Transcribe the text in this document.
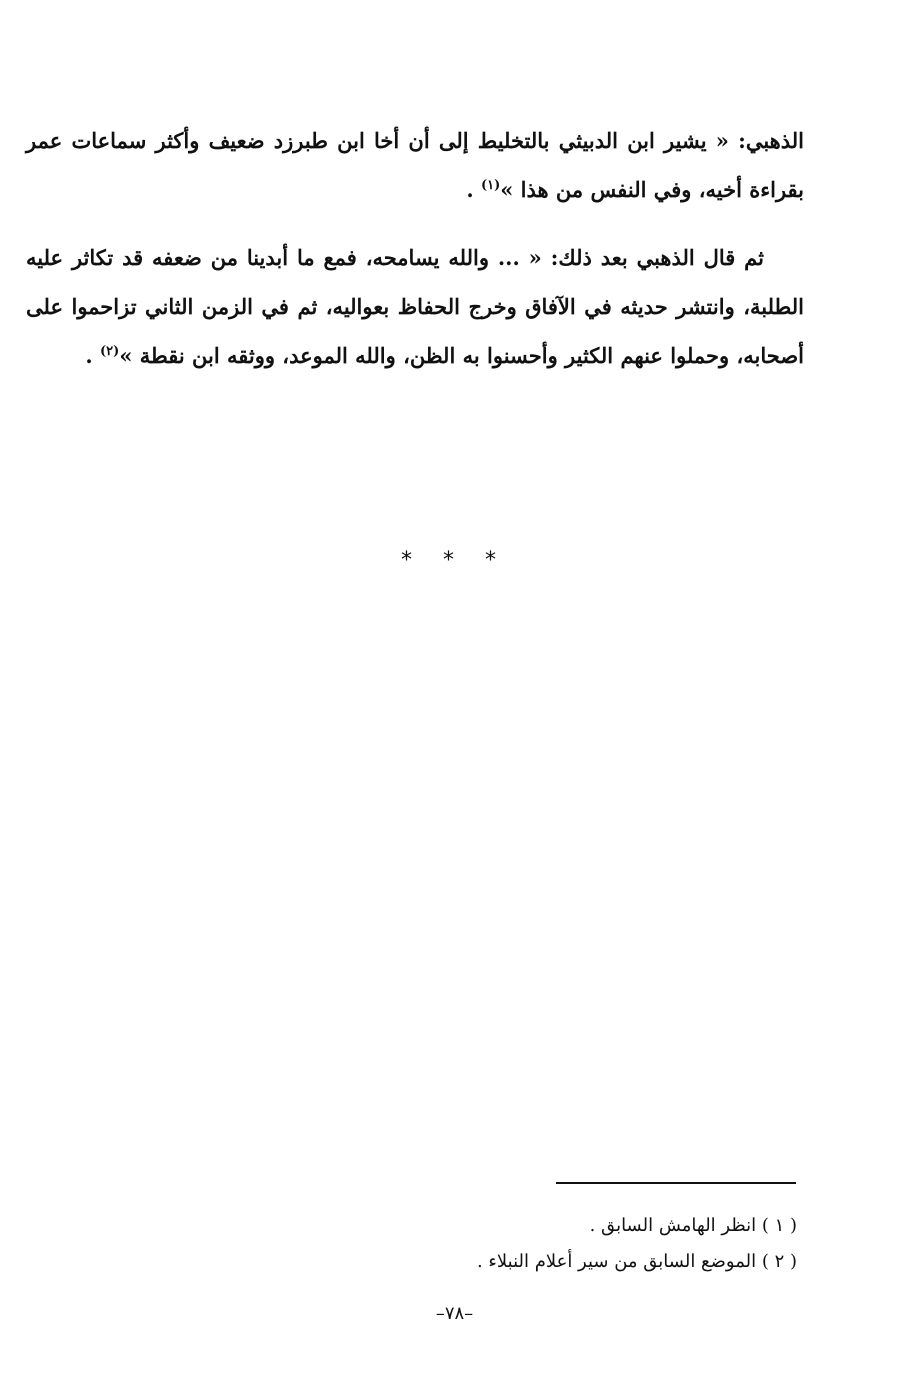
الذهبي: « يشير ابن الدبيثي بالتخليط إلى أن أخا ابن طبرزد ضعيف وأكثر سماعات عمر بقراءة أخيه، وفي النفس من هذا »$^{(١)}$ .

ثم قال الذهبي بعد ذلك: « ... والله يسامحه، فمع ما أبدينا من ضعفه قد تكاثر عليه الطلبة، وانتشر حديثه في الآفاق وخرج الحفاظ بعواليه، ثم في الزمن الثاني تزاحموا على أصحابه، وحملوا عنهم الكثير وأحسنوا به الظن، والله الموعد، ووثقه ابن نقطة »$^{(٢)}$ .

* * *
( ١ ) انظر الهامش السابق .
( ٢ ) الموضع السابق من سير أعلام النبلاء .
–٧٨–
